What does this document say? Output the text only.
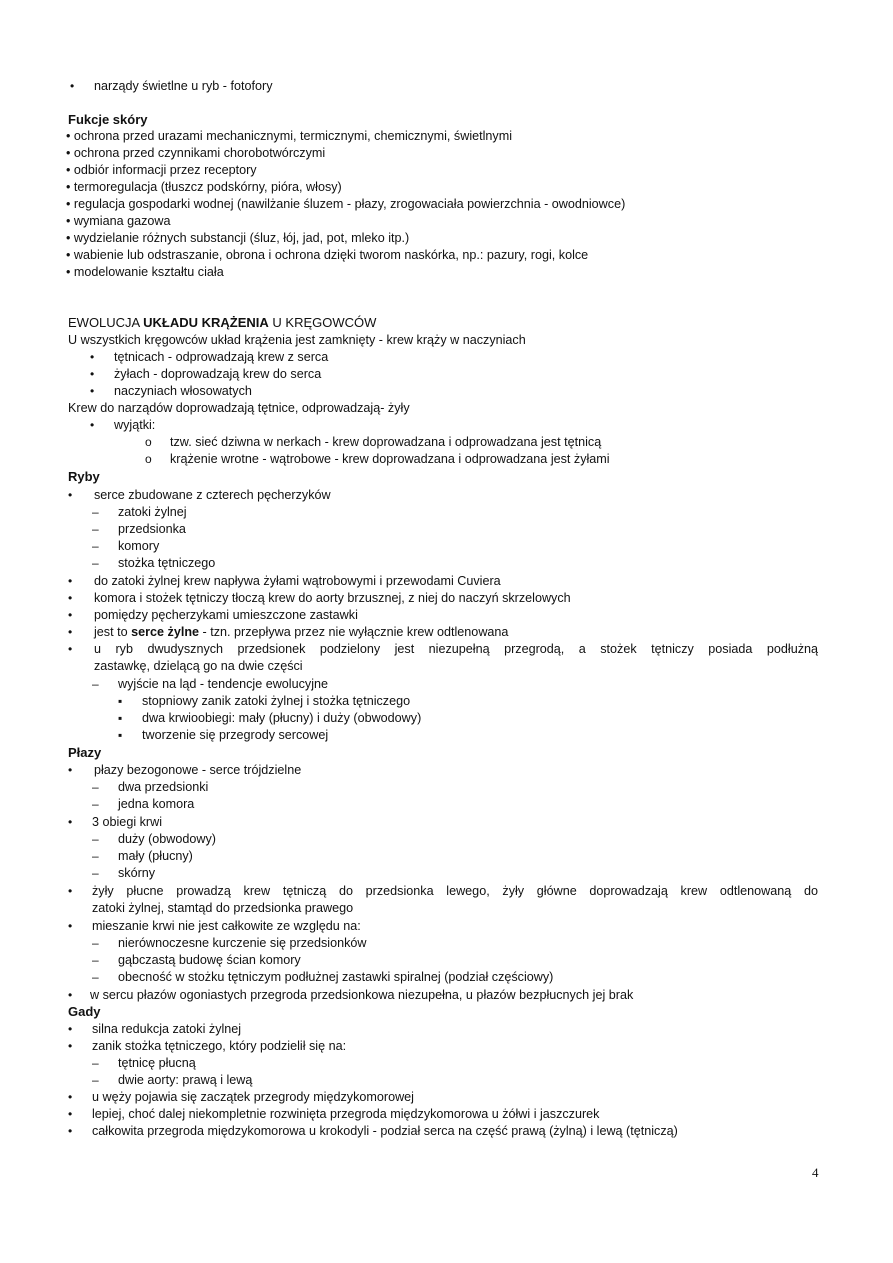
• narządy świetlne u ryb - fotofory
Fukcje skóry
• ochrona przed urazami mechanicznymi, termicznymi, chemicznymi, świetlnymi
• ochrona przed czynnikami chorobotwórczymi
• odbiór informacji przez receptory
• termoregulacja (tłuszcz podskórny, pióra, włosy)
• regulacja gospodarki wodnej (nawilżanie śluzem - płazy, zrogowaciała powierzchnia - owodniowce)
• wymiana gazowa
• wydzielanie różnych substancji (śluz, łój, jad, pot, mleko itp.)
• wabienie lub odstraszanie, obrona i ochrona dzięki tworom naskórka, np.: pazury, rogi, kolce
• modelowanie kształtu ciała
EWOLUCJA UKŁADU KRĄŻENIA U KRĘGOWCÓW
U wszystkich kręgowców układ krążenia jest zamknięty - krew krąży w naczyniach
• tętnicach - odprowadzają krew z serca
• żyłach - doprowadzają krew do serca
• naczyniach włosowatych
Krew do narządów doprowadzają tętnice, odprowadzają- żyły
• wyjątki:
o tzw. sieć dziwna w nerkach - krew doprowadzana i odprowadzana jest tętnicą
o krążenie wrotne - wątrobowe - krew doprowadzana i odprowadzana jest żyłami
Ryby
• serce zbudowane z czterech pęcherzyków
– zatoki żylnej
– przedsionka
– komory
– stożka tętniczego
• do zatoki żylnej krew napływa żyłami wątrobowymi i przewodami Cuviera
• komora i stożek tętniczy tłoczą krew do aorty brzusznej, z niej do naczyń skrzelowych
• pomiędzy pęcherzykami umieszczone zastawki
• jest to serce żylne - tzn. przepływa przez nie wyłącznie krew odtlenowana
• u ryb dwudysznych przedsionek podzielony jest niezupełną przegrodą, a stożek tętniczy posiada podłużną
zastawkę, dzielącą go na dwie części
– wyjście na ląd - tendencje ewolucyjne
▪ stopniowy zanik zatoki żylnej i stożka tętniczego
▪ dwa krwioobiegi: mały (płucny) i duży (obwodowy)
▪ tworzenie się przegrody sercowej
Płazy
• płazy bezogonowe - serce trójdzielne
– dwa przedsionki
– jedna komora
• 3 obiegi krwi
– duży (obwodowy)
– mały (płucny)
– skórny
• żyły płucne prowadzą krew tętniczą do przedsionka lewego, żyły główne doprowadzają krew odtlenowaną do
zatoki żylnej, stamtąd do przedsionka prawego
• mieszanie krwi nie jest całkowite ze względu na:
– nierównoczesne kurczenie się przedsionków
– gąbczastą budowę ścian komory
– obecność w stożku tętniczym podłużnej zastawki spiralnej (podział częściowy)
• w sercu płazów ogoniastych przegroda przedsionkowa niezupełna, u płazów bezpłucnych jej brak
Gady
• silna redukcja zatoki żylnej
• zanik stożka tętniczego, który podzielił się na:
– tętnicę płucną
– dwie aorty: prawą i lewą
• u węży pojawia się zaczątek przegrody międzykomorowej
• lepiej, choć dalej niekompletnie rozwinięta przegroda międzykomorowa u żółwi i jaszczurek
• całkowita przegroda międzykomorowa u krokodyli - podział serca na część prawą (żylną) i lewą (tętniczą)
4
